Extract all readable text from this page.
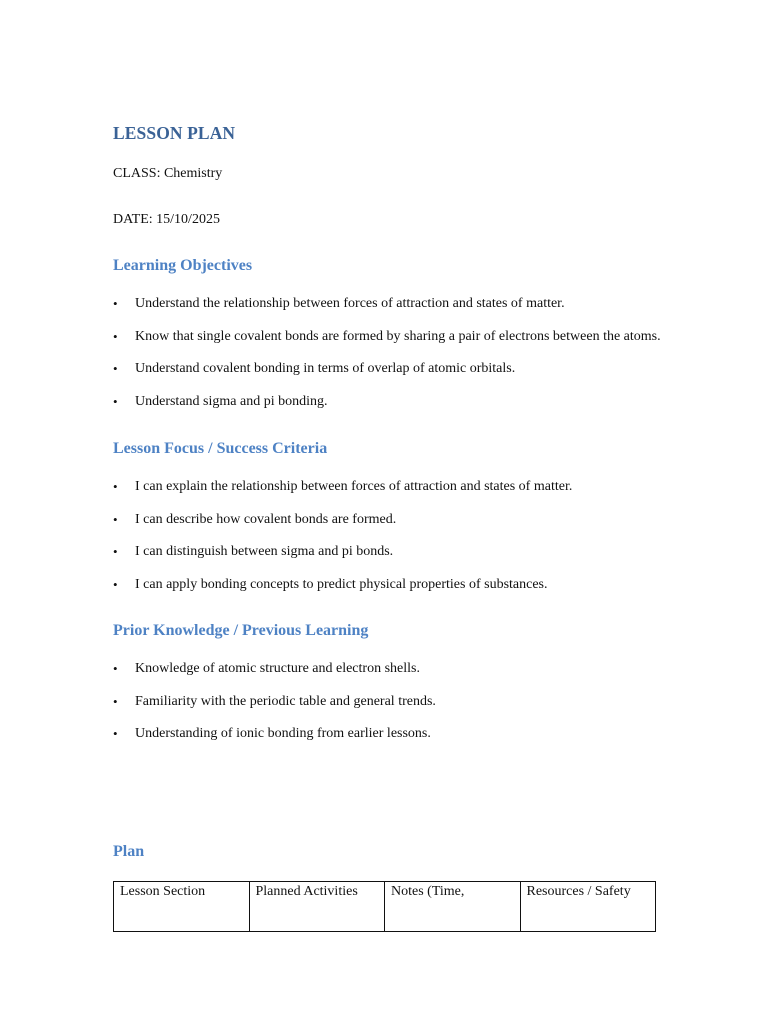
LESSON PLAN

CLASS: Chemistry

DATE: 15/10/2025

Learning Objectives
• Understand the relationship between forces of attraction and states of matter.
• Know that single covalent bonds are formed by sharing a pair of electrons between the atoms.
• Understand covalent bonding in terms of overlap of atomic orbitals.
• Understand sigma and pi bonding.
Lesson Focus / Success Criteria
• I can explain the relationship between forces of attraction and states of matter.
• I can describe how covalent bonds are formed.
• I can distinguish between sigma and pi bonds.
• I can apply bonding concepts to predict physical properties of substances.
Prior Knowledge / Previous Learning
• Knowledge of atomic structure and electron shells.
• Familiarity with the periodic table and general trends.
• Understanding of ionic bonding from earlier lessons.
Plan
Lesson Section	Planned Activities	Notes (Time,	Resources / Safety
